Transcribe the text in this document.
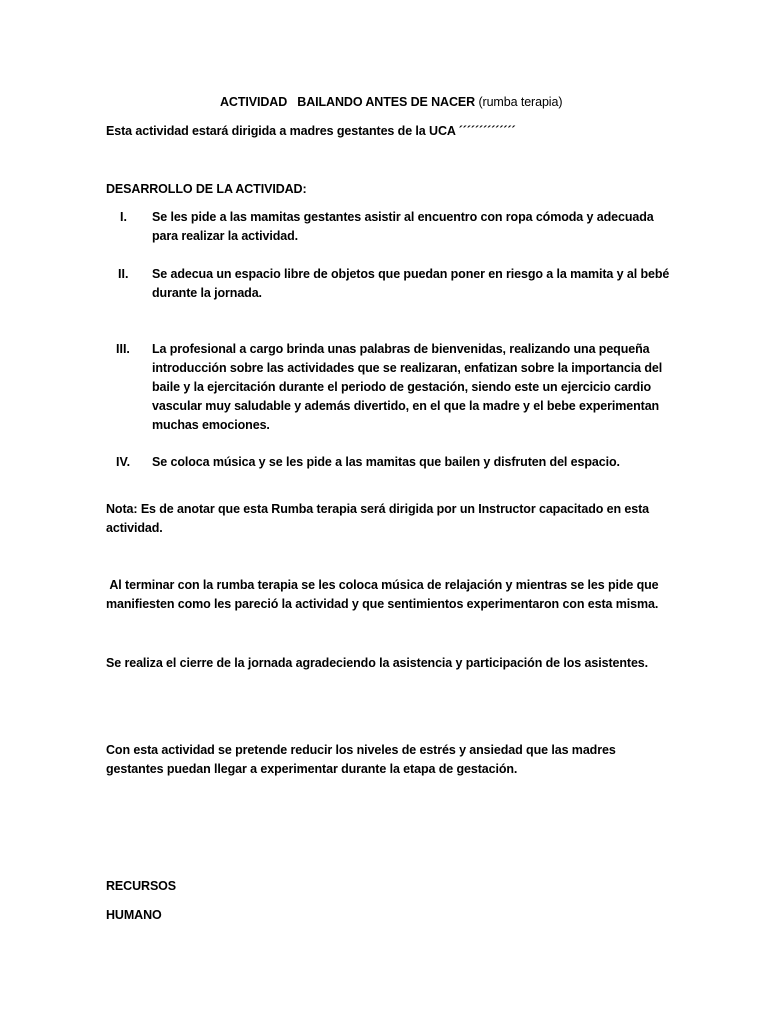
ACTIVIDAD   BAILANDO ANTES DE NACER (rumba terapia)
Esta actividad estará dirigida a madres gestantes de la UCA ´´´´´´´´´´´´´´
DESARROLLO DE LA ACTIVIDAD:
I. Se les pide a las mamitas gestantes asistir al encuentro con ropa cómoda y adecuada para realizar la actividad.
II. Se adecua un espacio libre de objetos que puedan poner en riesgo a la mamita y al bebé durante la jornada.
III. La profesional a cargo brinda unas palabras de bienvenidas, realizando una pequeña introducción sobre las actividades que se realizaran, enfatizan sobre la importancia del baile y la ejercitación durante el periodo de gestación, siendo este un ejercicio cardio vascular muy saludable y además divertido, en el que la madre y el bebe experimentan muchas emociones.
IV. Se coloca música y se les pide a las mamitas que bailen y disfruten del espacio.
Nota: Es de anotar que esta Rumba terapia será dirigida por un Instructor capacitado en esta actividad.
Al terminar con la rumba terapia se les coloca música de relajación y mientras se les pide que manifiesten como les pareció la actividad y que sentimientos experimentaron con esta misma.
Se realiza el cierre de la jornada agradeciendo la asistencia y participación de los asistentes.
Con esta actividad se pretende reducir los niveles de estrés y ansiedad que las madres gestantes puedan llegar a experimentar durante la etapa de gestación.
RECURSOS
HUMANO
